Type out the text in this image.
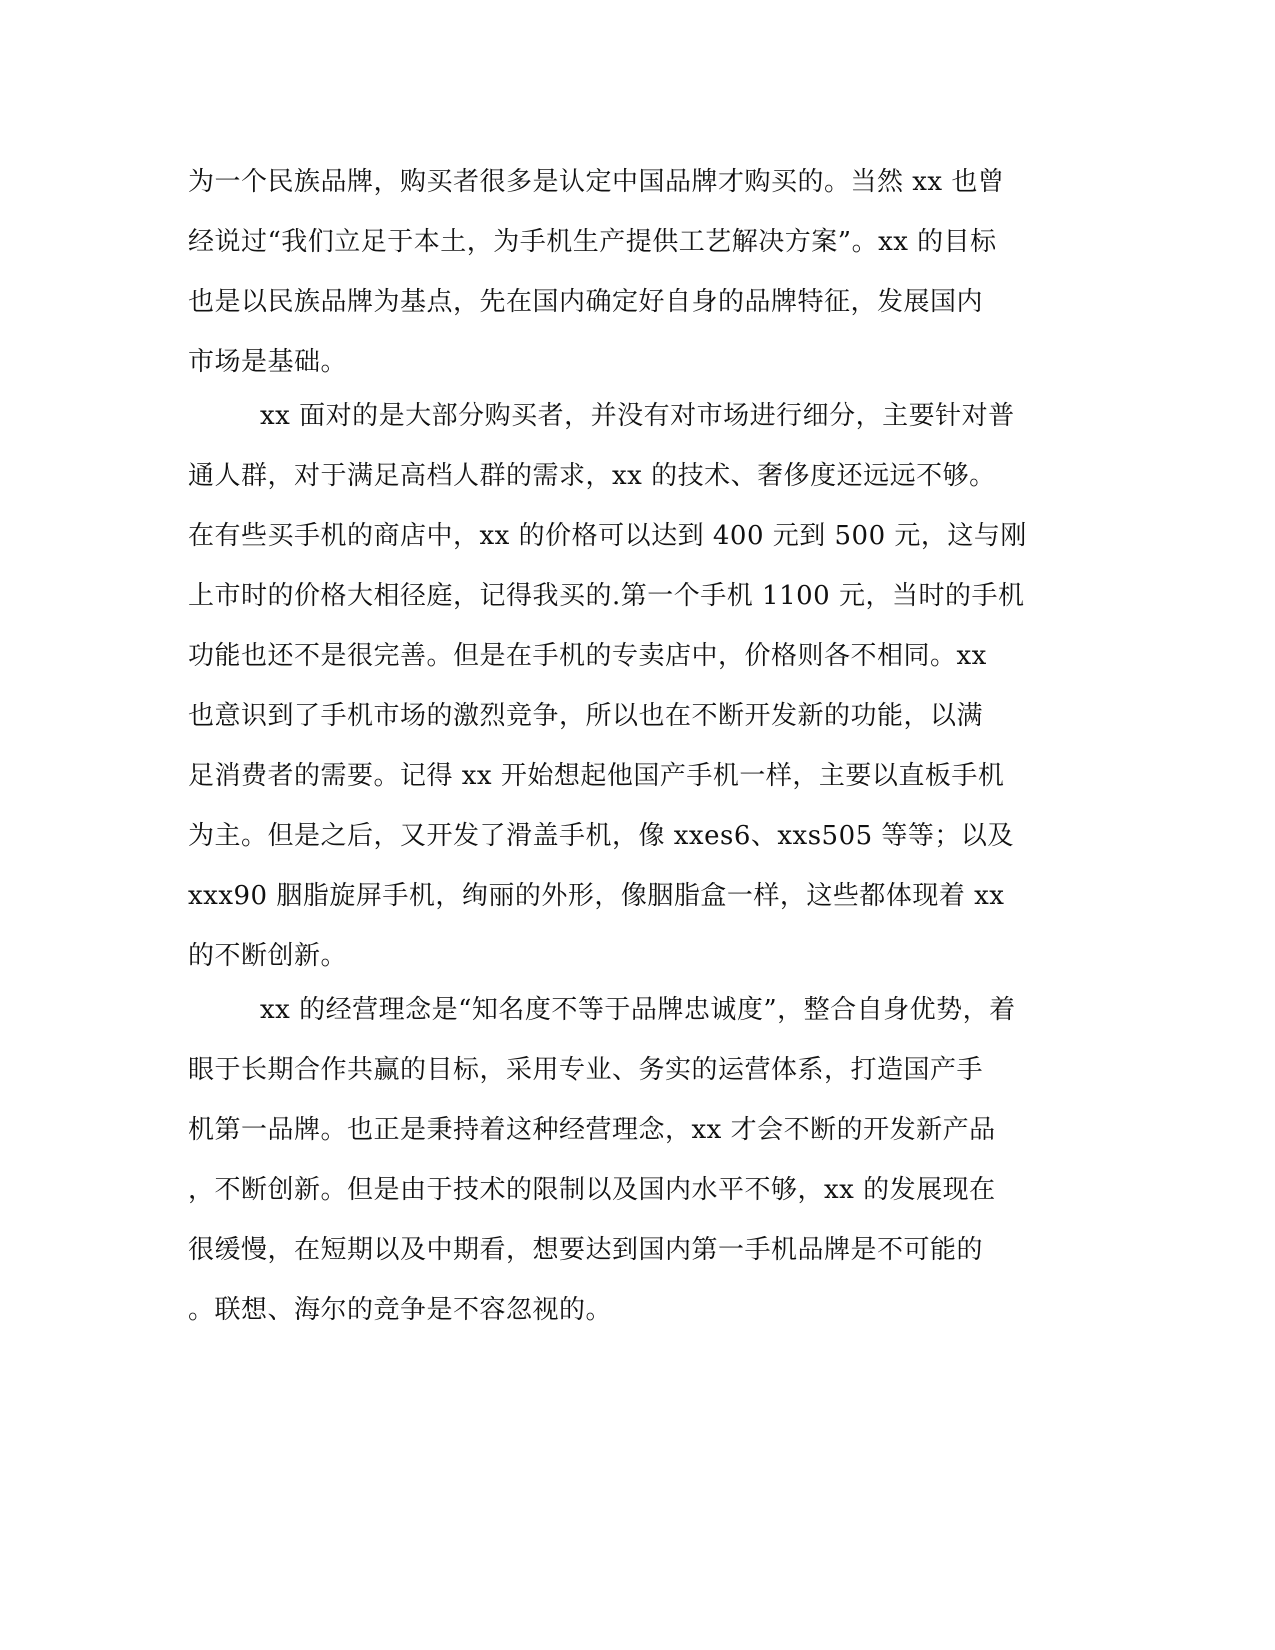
为一个民族品牌，购买者很多是认定中国品牌才购买的。当然 xx 也曾
经说过“我们立足于本土，为手机生产提供工艺解决方案”。xx 的目标
也是以民族品牌为基点，先在国内确定好自身的品牌特征，发展国内
市场是基础。
xx 面对的是大部分购买者，并没有对市场进行细分，主要针对普
通人群，对于满足高档人群的需求，xx 的技术、奢侈度还远远不够。
在有些买手机的商店中，xx 的价格可以达到 400 元到 500 元，这与刚
上市时的价格大相径庭，记得我买的.第一个手机 1100 元，当时的手机
功能也还不是很完善。但是在手机的专卖店中，价格则各不相同。xx
也意识到了手机市场的激烈竞争，所以也在不断开发新的功能，以满
足消费者的需要。记得 xx 开始想起他国产手机一样，主要以直板手机
为主。但是之后，又开发了滑盖手机，像 xxes6、xxs505 等等；以及
xxx90 胭脂旋屏手机，绚丽的外形，像胭脂盒一样，这些都体现着 xx
的不断创新。
xx 的经营理念是“知名度不等于品牌忠诚度”，整合自身优势，着
眼于长期合作共赢的目标，采用专业、务实的运营体系，打造国产手
机第一品牌。也正是秉持着这种经营理念，xx 才会不断的开发新产品
，不断创新。但是由于技术的限制以及国内水平不够，xx 的发展现在
很缓慢，在短期以及中期看，想要达到国内第一手机品牌是不可能的
。联想、海尔的竞争是不容忽视的。
